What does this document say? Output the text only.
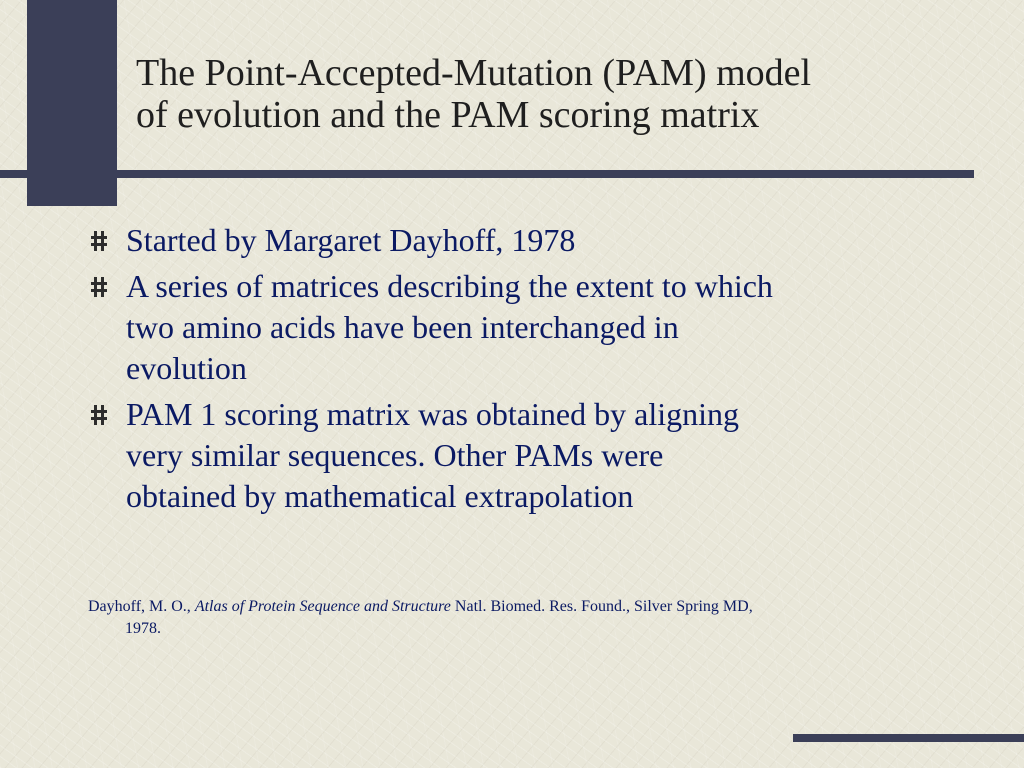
The Point-Accepted-Mutation (PAM) model
of evolution and the PAM scoring matrix
Started by Margaret Dayhoff, 1978
A series of matrices describing the extent to which
two amino acids have been interchanged in
evolution
PAM 1 scoring matrix was obtained by aligning
very similar sequences. Other PAMs were
obtained by mathematical extrapolation

Dayhoff, M. O., Atlas of Protein Sequence and Structure Natl. Biomed. Res. Found., Silver Spring MD,
1978.
